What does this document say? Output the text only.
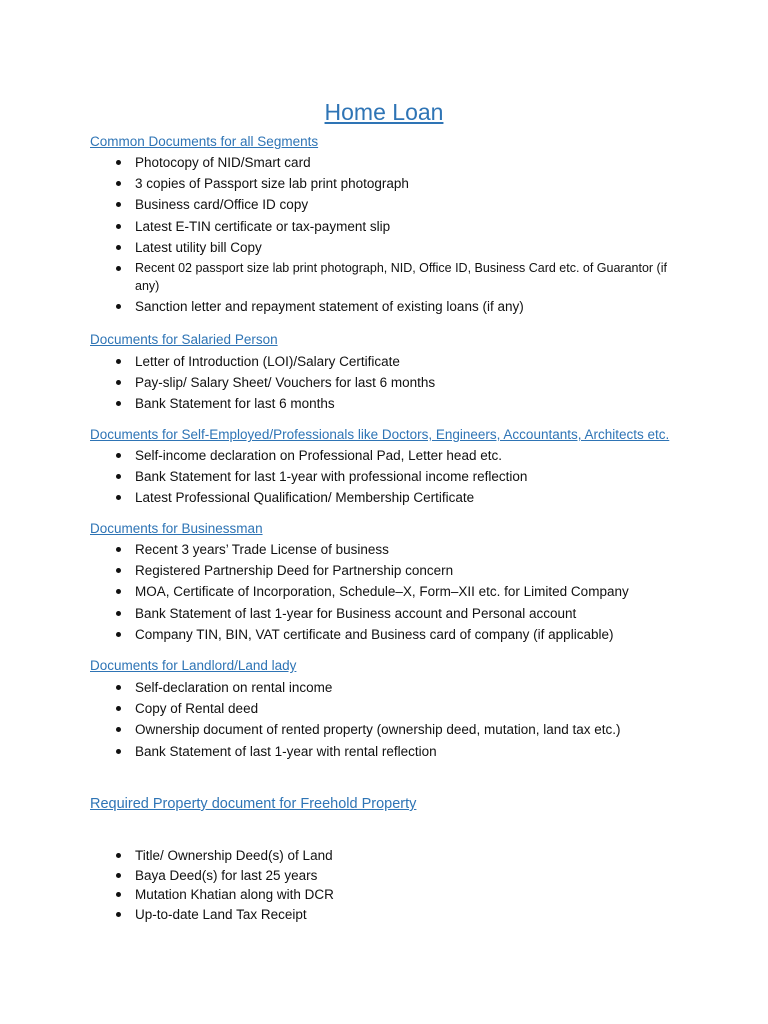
Home Loan
Common Documents for all Segments
Photocopy of NID/Smart card
3 copies of Passport size lab print photograph
Business card/Office ID copy
Latest E-TIN certificate or tax-payment slip
Latest utility bill Copy
Recent 02 passport size lab print photograph, NID, Office ID, Business Card etc. of Guarantor (if any)
Sanction letter and repayment statement of existing loans (if any)
Documents for Salaried Person
Letter of Introduction (LOI)/Salary Certificate
Pay-slip/ Salary Sheet/ Vouchers for last 6 months
Bank Statement for last 6 months
Documents for Self-Employed/Professionals like Doctors, Engineers, Accountants, Architects etc.
Self-income declaration on Professional Pad, Letter head etc.
Bank Statement for last 1-year with professional income reflection
Latest Professional Qualification/ Membership Certificate
Documents for Businessman
Recent 3 years’ Trade License of business
Registered Partnership Deed for Partnership concern
MOA, Certificate of Incorporation, Schedule–X, Form–XII etc. for Limited Company
Bank Statement of last 1-year for Business account and Personal account
Company TIN, BIN, VAT certificate and Business card of company (if applicable)
Documents for Landlord/Land lady
Self-declaration on rental income
Copy of Rental deed
Ownership document of rented property (ownership deed, mutation, land tax etc.)
Bank Statement of last 1-year with rental reflection
Required Property document for Freehold Property
Title/ Ownership Deed(s) of Land
Baya Deed(s) for last 25 years
Mutation Khatian along with DCR
Up-to-date Land Tax Receipt
